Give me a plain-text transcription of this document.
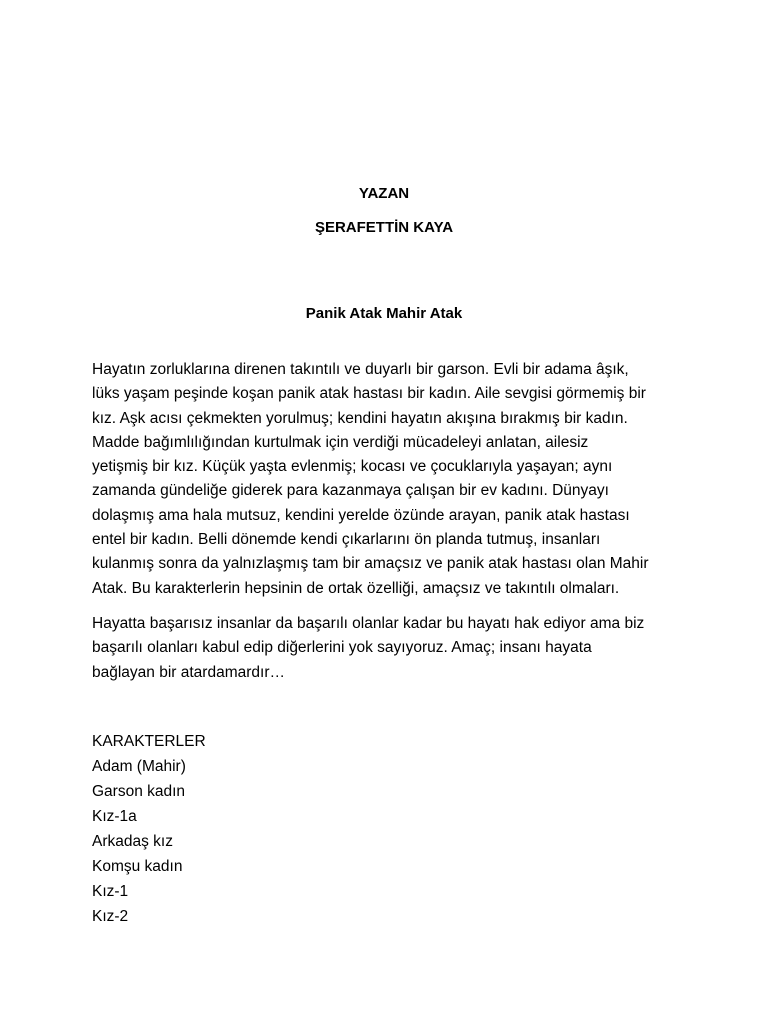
YAZAN
ŞERAFETTİN KAYA
Panik Atak Mahir Atak
Hayatın zorluklarına direnen takıntılı ve duyarlı bir garson. Evli bir adama âşık,
lüks yaşam peşinde koşan panik atak hastası bir kadın. Aile sevgisi görmemiş bir
kız. Aşk acısı çekmekten yorulmuş; kendini hayatın akışına bırakmış bir kadın.
Madde bağımlılığından kurtulmak için verdiği mücadeleyi anlatan, ailesiz
yetişmiş bir kız. Küçük yaşta evlenmiş; kocası ve çocuklarıyla yaşayan; aynı
zamanda gündeliğe giderek para kazanmaya çalışan bir ev kadını. Dünyayı
dolaşmış ama hala mutsuz, kendini yerelde özünde arayan, panik atak hastası
entel bir kadın. Belli dönemde kendi çıkarlarını ön planda tutmuş, insanları
kulanmış sonra da yalnızlaşmış tam bir amaçsız ve panik atak hastası olan Mahir
Atak. Bu karakterlerin hepsinin de ortak özelliği, amaçsız ve takıntılı olmaları.
Hayatta başarısız insanlar da başarılı olanlar kadar bu hayatı hak ediyor ama biz
başarılı olanları kabul edip diğerlerini yok sayıyoruz. Amaç; insanı hayata
bağlayan bir atardamardır…
KARAKTERLER
Adam (Mahir)
Garson kadın
Kız-1a
Arkadaş kız
Komşu kadın
Kız-1
Kız-2
